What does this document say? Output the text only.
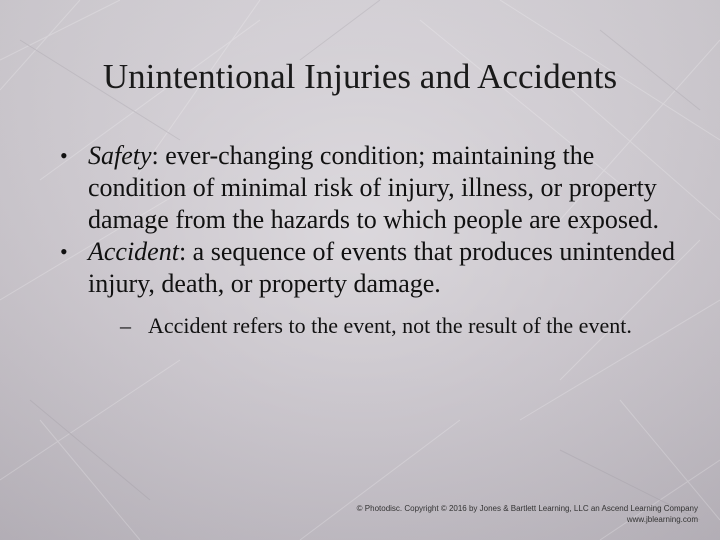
Unintentional Injuries and Accidents
• Safety: ever-changing condition; maintaining the condition of minimal risk of injury, illness, or property damage from the hazards to which people are exposed.
• Accident: a sequence of events that produces unintended injury, death, or property damage.
– Accident refers to the event, not the result of the event.
© Photodisc. Copyright © 2016 by Jones & Bartlett Learning, LLC an Ascend Learning Company
www.jblearning.com
